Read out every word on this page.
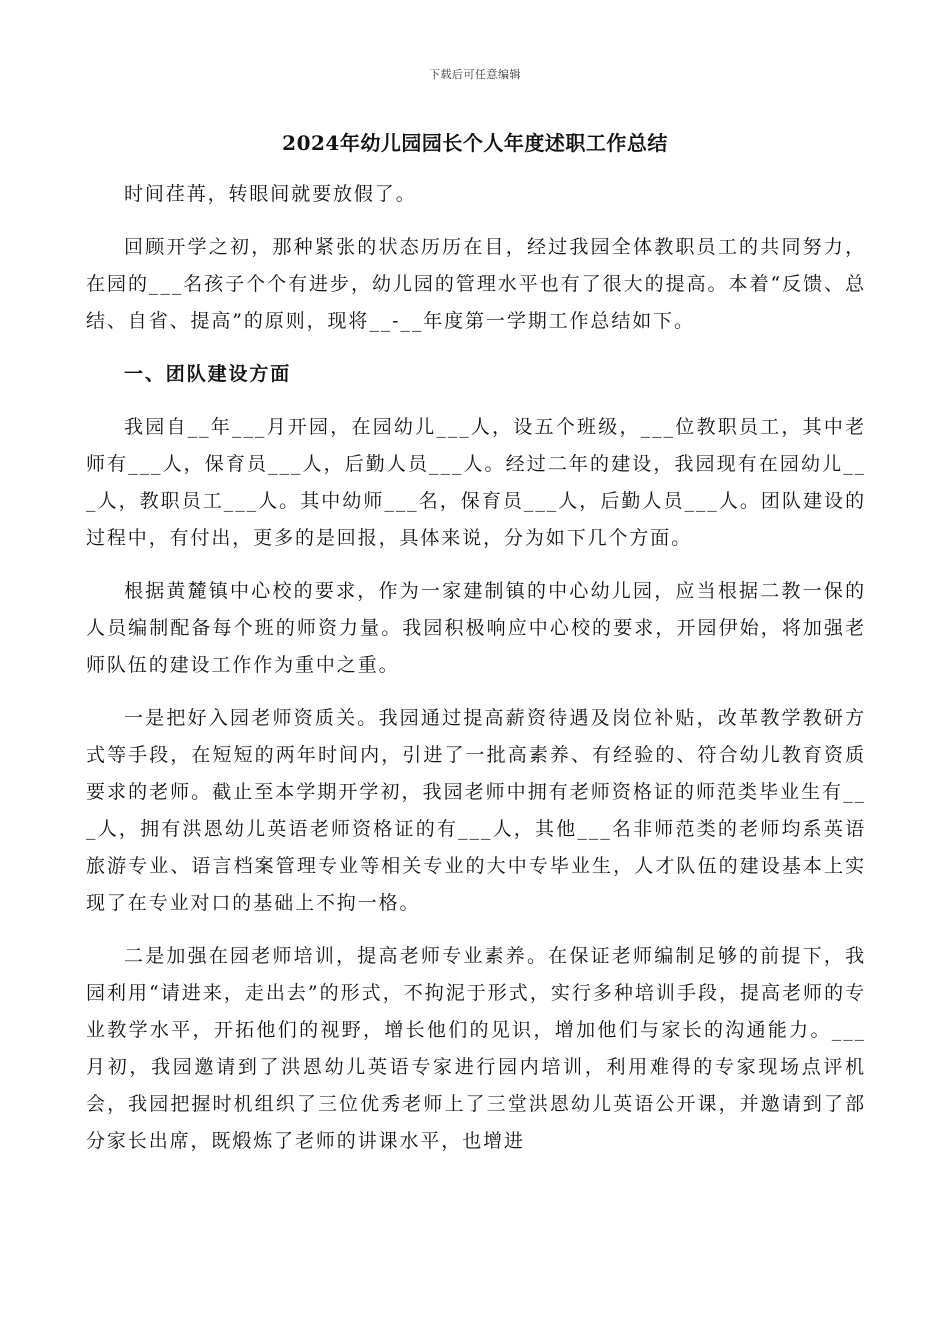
下载后可任意编辑
2024年幼儿园园长个人年度述职工作总结

时间荏苒，转眼间就要放假了。

回顾开学之初，那种紧张的状态历历在目，经过我园全体教职员工的共同努力，在园的___名孩子个个有进步，幼儿园的管理水平也有了很大的提高。本着“反馈、总结、自省、提高”的原则，现将__-__年度第一学期工作总结如下。

一、团队建设方面

我园自__年___月开园，在园幼儿___人，设五个班级，___位教职员工，其中老师有___人，保育员___人，后勤人员___人。经过二年的建设，我园现有在园幼儿___人，教职员工___人。其中幼师___名，保育员___人，后勤人员___人。团队建设的过程中，有付出，更多的是回报，具体来说，分为如下几个方面。

根据黄麓镇中心校的要求，作为一家建制镇的中心幼儿园，应当根据二教一保的人员编制配备每个班的师资力量。我园积极响应中心校的要求，开园伊始，将加强老师队伍的建设工作作为重中之重。

一是把好入园老师资质关。我园通过提高薪资待遇及岗位补贴，改革教学教研方式等手段，在短短的两年时间内，引进了一批高素养、有经验的、符合幼儿教育资质要求的老师。截止至本学期开学初，我园老师中拥有老师资格证的师范类毕业生有___人，拥有洪恩幼儿英语老师资格证的有___人，其他___名非师范类的老师均系英语旅游专业、语言档案管理专业等相关专业的大中专毕业生，人才队伍的建设基本上实现了在专业对口的基础上不拘一格。

二是加强在园老师培训，提高老师专业素养。在保证老师编制足够的前提下，我园利用“请进来，走出去”的形式，不拘泥于形式，实行多种培训手段，提高老师的专业教学水平，开拓他们的视野，增长他们的见识，增加他们与家长的沟通能力。___月初，我园邀请到了洪恩幼儿英语专家进行园内培训，利用难得的专家现场点评机会，我园把握时机组织了三位优秀老师上了三堂洪恩幼儿英语公开课，并邀请到了部分家长出席，既煅炼了老师的讲课水平，也增进
